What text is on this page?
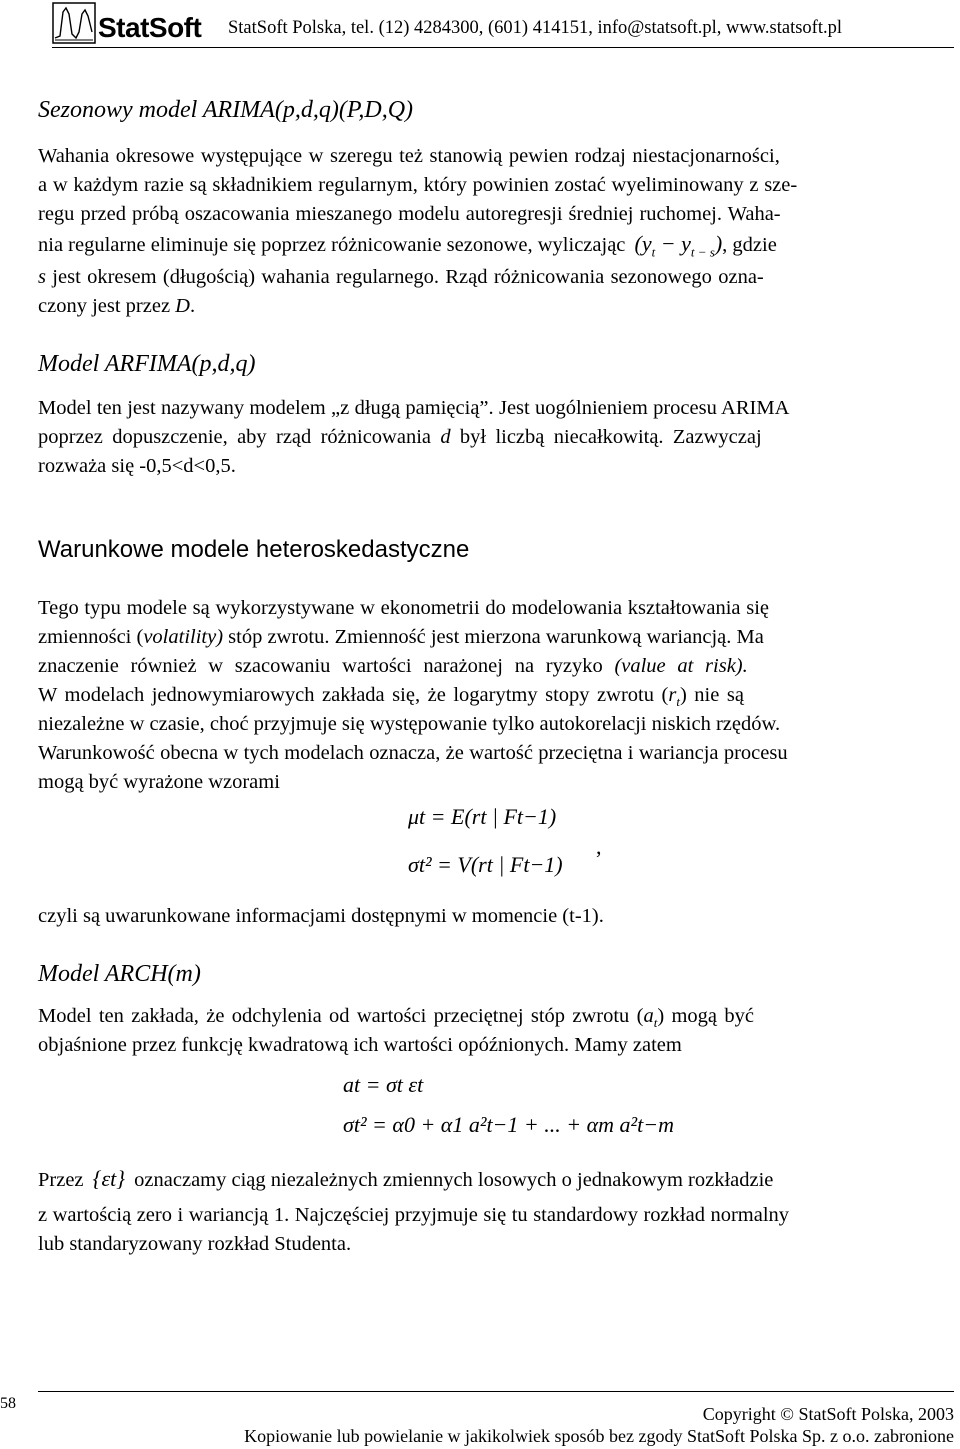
StatSoft StatSoft Polska, tel. (12) 4284300, (601) 414151, info@statsoft.pl, www.statsoft.pl
Sezonowy model ARIMA(p,d,q)(P,D,Q)
Wahania okresowe występujące w szeregu też stanowią pewien rodzaj niestacjonarności,
a w każdym razie są składnikiem regularnym, który powinien zostać wyeliminowany z sze-
regu przed próbą oszacowania mieszanego modelu autoregresji średniej ruchomej. Waha-
nia regularne eliminuje się poprzez różnicowanie sezonowe, wyliczając $(y_t - y_{t - s})$, gdzie
s jest okresem (długością) wahania regularnego. Rząd różnicowania sezonowego ozna-
czony jest przez D.
Model ARFIMA(p,d,q)
Model ten jest nazywany modelem „z długą pamięcią”. Jest uogólnieniem procesu ARIMA
poprzez dopuszczenie, aby rząd różnicowania d był liczbą niecałkowitą. Zazwyczaj
rozważa się -0,5<d<0,5.
Warunkowe modele heteroskedastyczne
Tego typu modele są wykorzystywane w ekonometrii do modelowania kształtowania się
zmienności (volatility) stóp zwrotu. Zmienność jest mierzona warunkową wariancją. Ma
znaczenie również w szacowaniu wartości narażonej na ryzyko (value at risk).
W modelach jednowymiarowych zakłada się, że logarytmy stopy zwrotu $(r_t)$ nie są
niezależne w czasie, choć przyjmuje się występowanie tylko autokorelacji niskich rzędów.
Warunkowość obecna w tych modelach oznacza, że wartość przeciętna i wariancja procesu
mogą być wyrażone wzorami
μt = E(rt | Ft−1)
σt² = V(rt | Ft−1)
,
czyli są uwarunkowane informacjami dostępnymi w momencie (t-1).
Model ARCH(m)
Model ten zakłada, że odchylenia od wartości przeciętnej stóp zwrotu $(a_t)$ mogą być
objaśnione przez funkcję kwadratową ich wartości opóźnionych. Mamy zatem
at = σt εt
σt² = α0 + α1 a²t−1 + ... + αm a²t−m
Przez {εt} oznaczamy ciąg niezależnych zmiennych losowych o jednakowym rozkładzie
z wartością zero i wariancją 1. Najczęściej przyjmuje się tu standardowy rozkład normalny
lub standaryzowany rozkład Studenta.
58
Copyright © StatSoft Polska, 2003
Kopiowanie lub powielanie w jakikolwiek sposób bez zgody StatSoft Polska Sp. z o.o. zabronione
